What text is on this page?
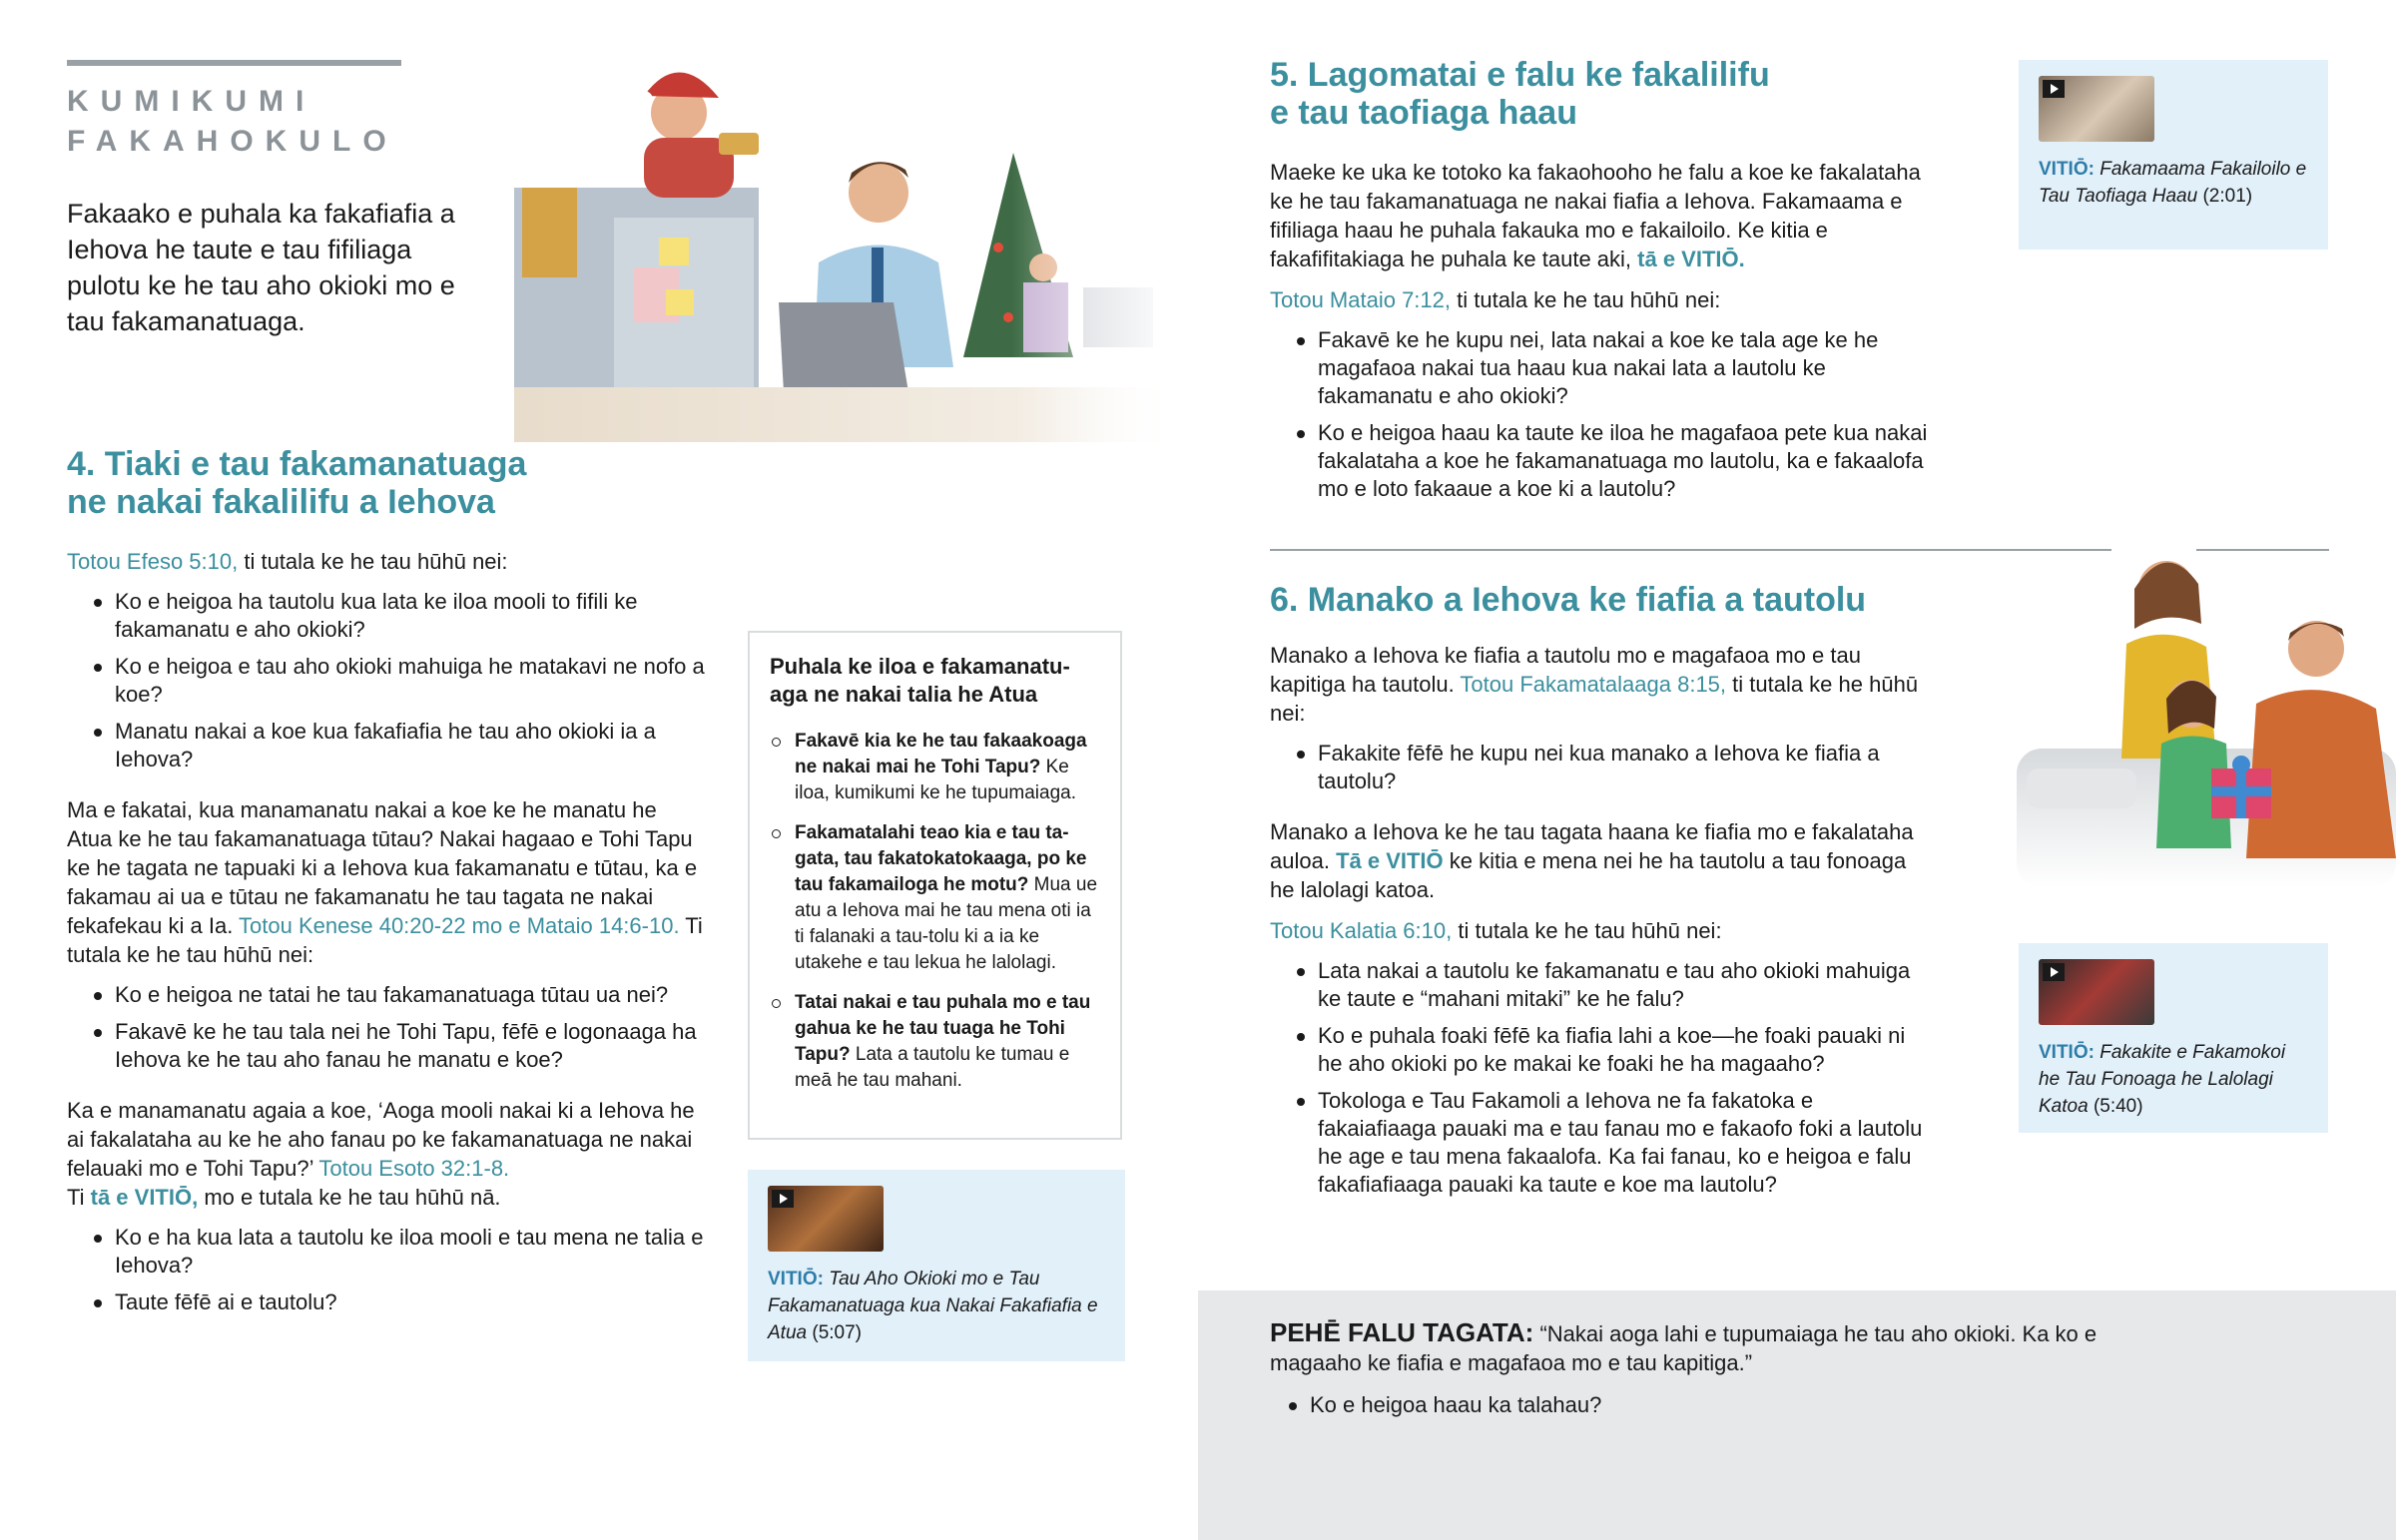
KUMIKUMI
FAKAHOKULO

Fakaako e puhala ka fakafiafia a Iehova he taute e tau fifiliaga pulotu ke he tau aho okioki mo e tau fakamanatuaga.

4. Tiaki e tau fakamanatuaga
ne nakai fakalilifu a Iehova

Totou Efeso 5:10, ti tutala ke he tau hūhū nei:

Ko e heigoa ha tautolu kua lata ke iloa mooli to fifili ke fakamanatu e aho okioki?
Ko e heigoa e tau aho okioki mahuiga he matakavi ne nofo a koe?
Manatu nakai a koe kua fakafiafia he tau aho okioki ia a Iehova?

Ma e fakatai, kua manamanatu nakai a koe ke he manatu he Atua ke he tau fakamanatuaga tūtau? Nakai hagaao e Tohi Tapu ke he tagata ne tapuaki ki a Iehova kua fakamanatu e tūtau, ka e fakamau ai ua e tūtau ne fakamanatu he tau tagata ne nakai fekafekau ki a Ia. Totou Kenese 40:20-22 mo e Mataio 14:6-10. Ti tutala ke he tau hūhū nei:

Ko e heigoa ne tatai he tau fakamanatuaga tūtau ua nei?
Fakavē ke he tau tala nei he Tohi Tapu, fēfē e logonaaga ha Iehova ke he tau aho fanau he manatu e koe?

Ka e manamanatu agaia a koe, ‘Aoga mooli nakai ki a Iehova he ai fakalataha au ke he aho fanau po ke fakamanatuaga ne nakai felauaki mo e Tohi Tapu?’ Totou Esoto 32:1-8.
Ti tā e VITIŌ, mo e tutala ke he tau hūhū nā.

Ko e ha kua lata a tautolu ke iloa mooli e tau mena ne talia e Iehova?
Taute fēfē ai e tautolu?
Puhala ke iloa e fakamanatu-aga ne nakai talia he Atua
Fakavē kia ke he tau fakaakoaga ne nakai mai he Tohi Tapu? Ke iloa, kumikumi ke he tupumaiaga.
Fakamatalahi teao kia e tau ta-gata, tau fakatokatokaaga, po ke tau fakamailoga he motu? Mua ue atu a Iehova mai he tau mena oti ia ti falanaki a tau-tolu ki a ia ke utakehe e tau lekua he lalolagi.
Tatai nakai e tau puhala mo e tau gahua ke he tau tuaga he Tohi Tapu? Lata a tautolu ke tumau e meā he tau mahani.
VITIŌ: Tau Aho Okioki mo e Tau Fakamanatuaga kua Nakai Fakafiafia e Atua (5:07)
5. Lagomatai e falu ke fakalilifu
e tau taofiaga haau

Maeke ke uka ke totoko ka fakaohooho he falu a koe ke fakalataha ke he tau fakamanatuaga ne nakai fiafia a Iehova. Fakamaama e fifiliaga haau he puhala fakauka mo e fakailoilo. Ke kitia e fakafifitakiaga he puhala ke taute aki, tā e VITIŌ.

Totou Mataio 7:12, ti tutala ke he tau hūhū nei:

Fakavē ke he kupu nei, lata nakai a koe ke tala age ke he magafaoa nakai tua haau kua nakai lata a lautolu ke fakamanatu e aho okioki?
Ko e heigoa haau ka taute ke iloa he magafaoa pete kua nakai fakalataha a koe he fakamanatuaga mo lautolu, ka e fakaalofa mo e loto fakaaue a koe ki a lautolu?
VITIŌ: Fakamaama Fakailoilo e Tau Taofiaga Haau (2:01)
6. Manako a Iehova ke fiafia a tautolu

Manako a Iehova ke fiafia a tautolu mo e magafaoa mo e tau kapitiga ha tautolu. Totou Fakamatalaaga 8:15, ti tutala ke he hūhū nei:

Fakakite fēfē he kupu nei kua manako a Iehova ke fiafia a tautolu?

Manako a Iehova ke he tau tagata haana ke fiafia mo e fakalataha auloa. Tā e VITIŌ ke kitia e mena nei he ha tautolu a tau fonoaga he lalolagi katoa.

Totou Kalatia 6:10, ti tutala ke he tau hūhū nei:

Lata nakai a tautolu ke fakamanatu e tau aho okioki mahuiga ke taute e “mahani mitaki” ke he falu?
Ko e puhala foaki fēfē ka fiafia lahi a koe—he foaki pauaki ni he aho okioki po ke makai ke foaki he ha magaaho?
Tokologa e Tau Fakamoli a Iehova ne fa fakatoka e fakaiafiaaga pauaki ma e tau fanau mo e fakaofo foki a lautolu he age e tau mena fakaalofa. Ka fai fanau, ko e heigoa e falu fakafiafiaaga pauaki ka taute e koe ma lautolu?
VITIŌ: Fakakite e Fakamokoi he Tau Fonoaga he Lalolagi Katoa (5:40)

PEHĒ FALU TAGATA: “Nakai aoga lahi e tupumaiaga he tau aho okioki. Ka ko e magaaho ke fiafia e magafaoa mo e tau kapitiga.”

Ko e heigoa haau ka talahau?
